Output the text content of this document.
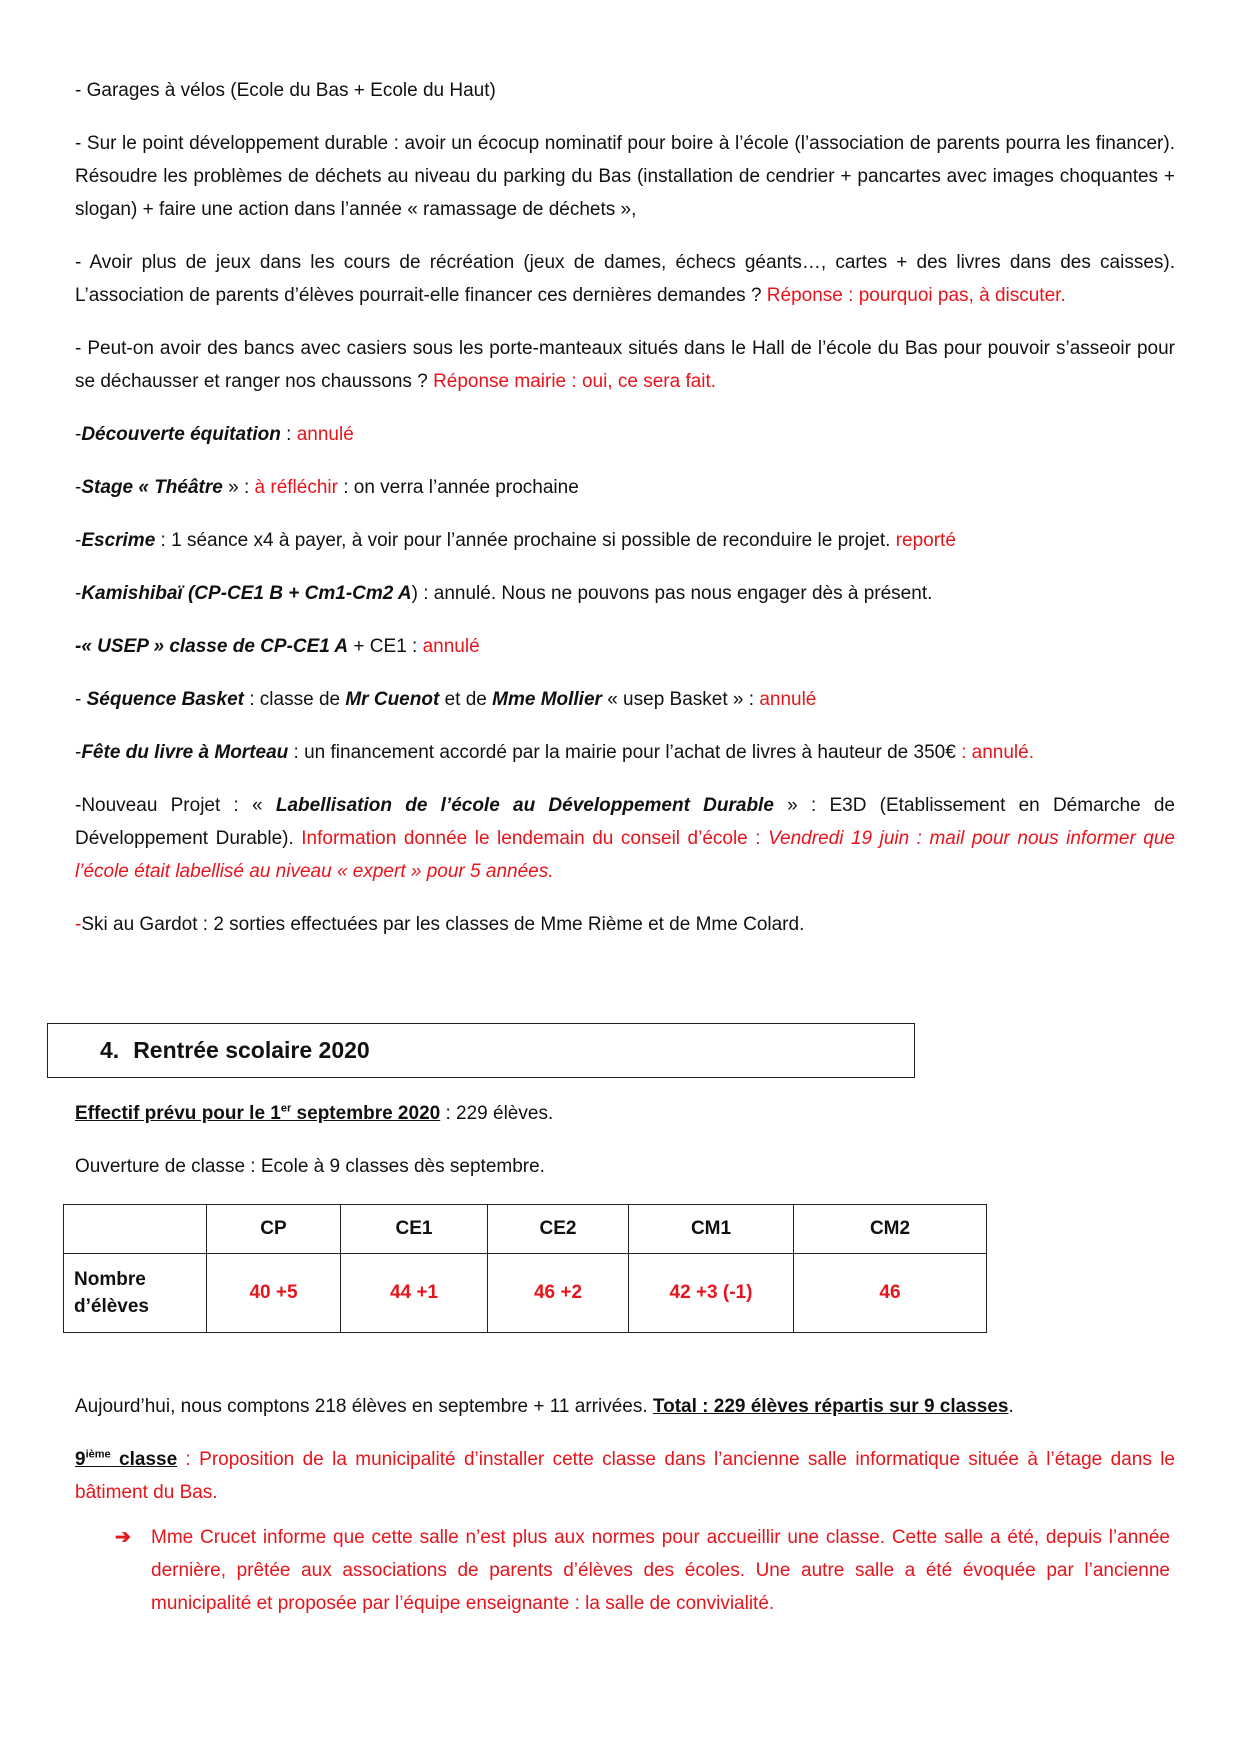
- Garages à vélos (Ecole du Bas + Ecole du Haut)

- Sur le point développement durable : avoir un écocup nominatif pour boire à l’école (l’association de parents pourra les financer). Résoudre les problèmes de déchets au niveau du parking du Bas (installation de cendrier + pancartes avec images choquantes + slogan) + faire une action dans l’année « ramassage de déchets »,

- Avoir plus de jeux dans les cours de récréation (jeux de dames, échecs géants…, cartes + des livres dans des caisses). L’association de parents d’élèves pourrait-elle financer ces dernières demandes ? Réponse : pourquoi pas, à discuter.

- Peut-on avoir des bancs avec casiers sous les porte-manteaux situés dans le Hall de l’école du Bas pour pouvoir s’asseoir pour se déchausser et ranger nos chaussons ? Réponse mairie : oui, ce sera fait.

-Découverte équitation : annulé

-Stage « Théâtre » : à réfléchir : on verra l’année prochaine

-Escrime : 1 séance x4 à payer, à voir pour l’année prochaine si possible de reconduire le projet. reporté

-Kamishibaï (CP-CE1 B + Cm1-Cm2 A) : annulé. Nous ne pouvons pas nous engager dès à présent.

-« USEP » classe de CP-CE1 A + CE1 : annulé

- Séquence Basket : classe de Mr Cuenot et de Mme Mollier « usep Basket » : annulé

-Fête du livre à Morteau : un financement accordé par la mairie pour l’achat de livres à hauteur de 350€ : annulé.

-Nouveau Projet : « Labellisation de l’école au Développement Durable » : E3D (Etablissement en Démarche de Développement Durable). Information donnée le lendemain du conseil d’école : Vendredi 19 juin : mail pour nous informer que l’école était labellisé au niveau « expert » pour 5 années.

-Ski au Gardot : 2 sorties effectuées par les classes de Mme Rième et de Mme Colard.

4. Rentrée scolaire 2020
Effectif prévu pour le 1er septembre 2020 : 229 élèves.
Ouverture de classe : Ecole à 9 classes dès septembre.
	CP	CE1	CE2	CM1	CM2
Nombre
d’élèves	40 +5	44 +1	46 +2	42 +3 (-1)	46
Aujourd’hui, nous comptons 218 élèves en septembre + 11 arrivées. Total : 229 élèves répartis sur 9 classes.
9ième classe : Proposition de la municipalité d’installer cette classe dans l’ancienne salle informatique située à l’étage dans le bâtiment du Bas.
➔ Mme Crucet informe que cette salle n’est plus aux normes pour accueillir une classe. Cette salle a été, depuis l’année dernière, prêtée aux associations de parents d’élèves des écoles. Une autre salle a été évoquée par l’ancienne municipalité et proposée par l’équipe enseignante : la salle de convivialité.
